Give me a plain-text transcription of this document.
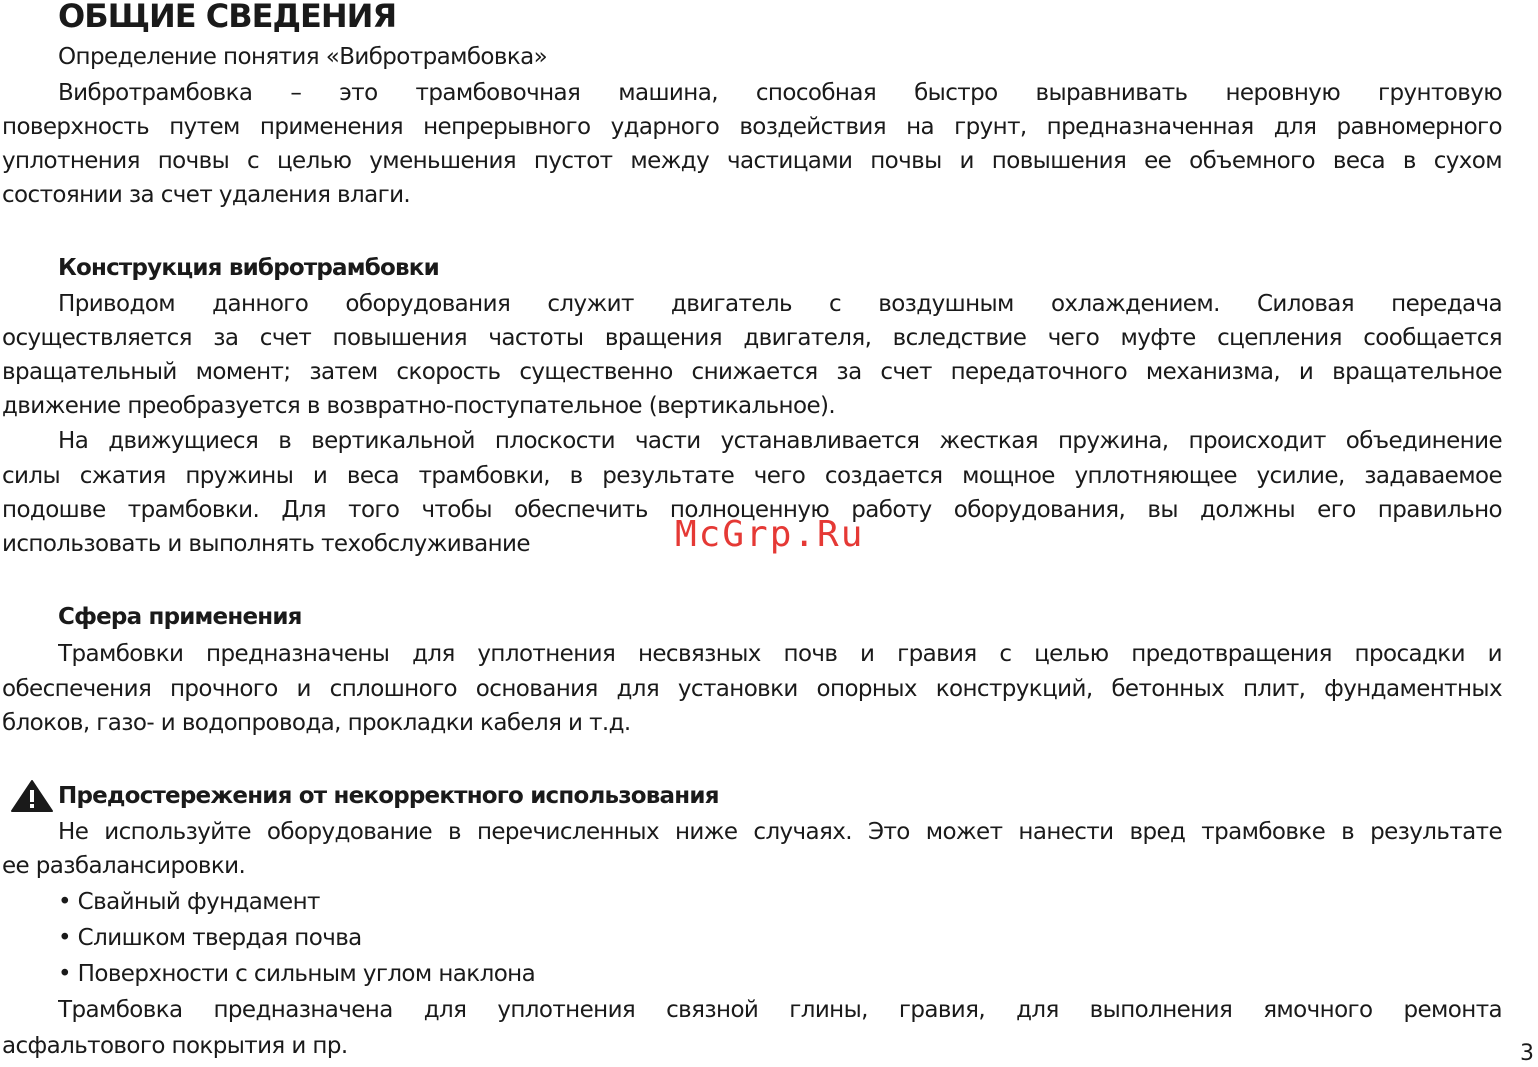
ОБЩИЕ СВЕДЕНИЯ
Определение понятия «Вибротрамбовка»
Вибротрамбовка – это трамбовочная машина, способная быстро выравнивать неровную грунтовую
поверхность путем применения непрерывного ударного воздействия на грунт, предназначенная для равномерного
уплотнения почвы с целью уменьшения пустот между частицами почвы и повышения ее объемного веса в сухом
состоянии за счет удаления влаги.
Конструкция вибротрамбовки
Приводом данного оборудования служит двигатель с воздушным охлаждением. Силовая передача
осуществляется за счет повышения частоты вращения двигателя, вследствие чего муфте сцепления сообщается
вращательный момент; затем скорость существенно снижается за счет передаточного механизма, и вращательное
движение преобразуется в возвратно-поступательное (вертикальное).
На движущиеся в вертикальной плоскости части устанавливается жесткая пружина, происходит объединение
силы сжатия пружины и веса трамбовки, в результате чего создается мощное уплотняющее усилие, задаваемое
подошве трамбовки. Для того чтобы обеспечить полноценную работу оборудования, вы должны его правильно
использовать и выполнять техобслуживание
Сфера применения
Трамбовки предназначены для уплотнения несвязных почв и гравия с целью предотвращения просадки и
обеспечения прочного и сплошного основания для установки опорных конструкций, бетонных плит, фундаментных
блоков, газо- и водопровода, прокладки кабеля и т.д.
Предостережения от некорректного использования
Не используйте оборудование в перечисленных ниже случаях. Это может нанести вред трамбовке в результате
ее разбалансировки.
• Свайный фундамент
• Слишком твердая почва
• Поверхности с сильным углом наклона
Трамбовка предназначена для уплотнения связной глины, гравия, для выполнения ямочного ремонта
асфальтового покрытия и пр.
McGrp.Ru
3
